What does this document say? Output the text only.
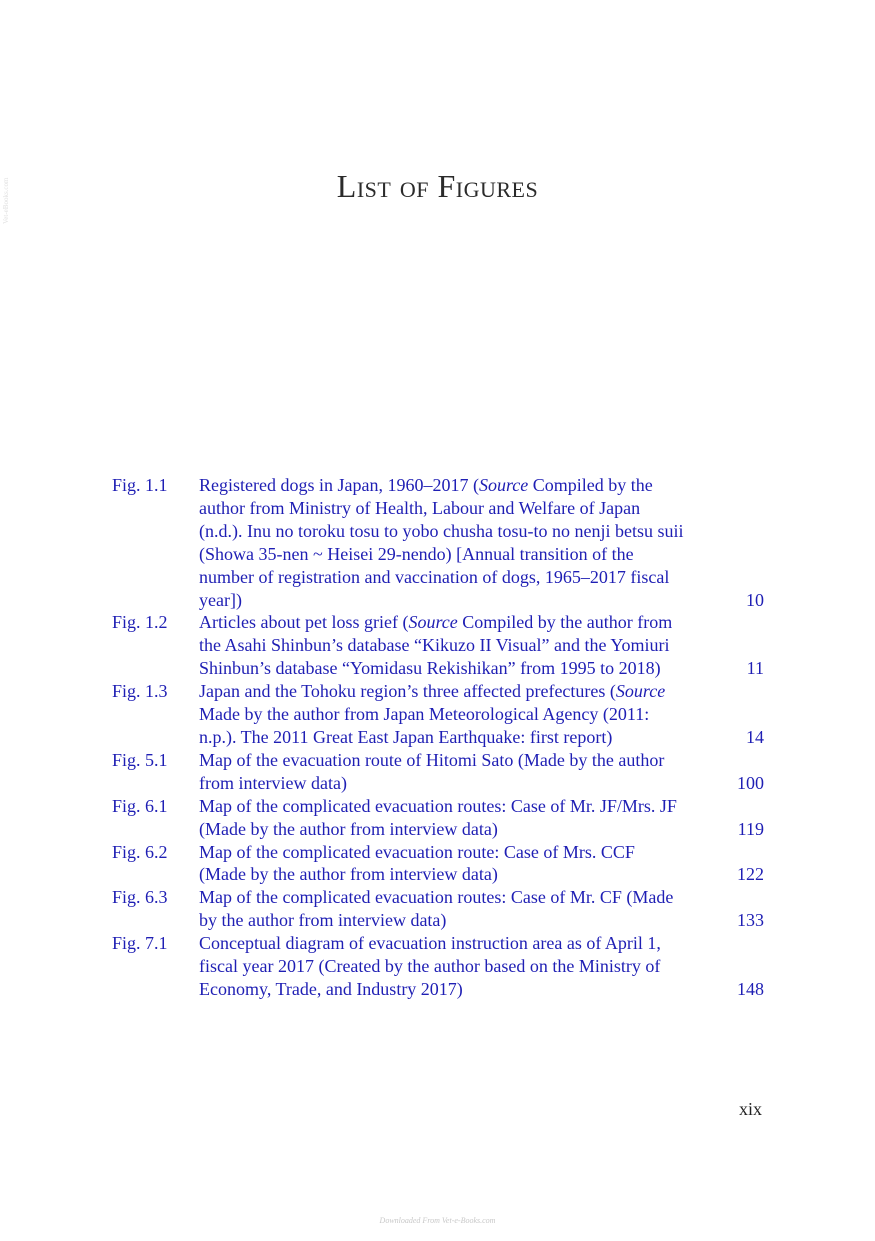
Vet-eBooks.com	List of Figures
Fig. 1.1	Registered dogs in Japan, 1960–2017 (Source Compiled by the author from Ministry of Health, Labour and Welfare of Japan (n.d.). Inu no toroku tosu to yobo chusha tosu-to no nenji betsu suii (Showa 35-nen ~ Heisei 29-nendo) [Annual transition of the number of registration and vaccination of dogs, 1965–2017 fiscal year])	10
Fig. 1.2	Articles about pet loss grief (Source Compiled by the author from the Asahi Shinbun’s database “Kikuzo II Visual” and the Yomiuri Shinbun’s database “Yomidasu Rekishikan” from 1995 to 2018)	11
Fig. 1.3	Japan and the Tohoku region’s three affected prefectures (Source Made by the author from Japan Meteorological Agency (2011: n.p.). The 2011 Great East Japan Earthquake: first report)	14
Fig. 5.1	Map of the evacuation route of Hitomi Sato (Made by the author from interview data)	100
Fig. 6.1	Map of the complicated evacuation routes: Case of Mr. JF/Mrs. JF (Made by the author from interview data)	119
Fig. 6.2	Map of the complicated evacuation route: Case of Mrs. CCF (Made by the author from interview data)	122
Fig. 6.3	Map of the complicated evacuation routes: Case of Mr. CF (Made by the author from interview data)	133
Fig. 7.1	Conceptual diagram of evacuation instruction area as of April 1, fiscal year 2017 (Created by the author based on the Ministry of Economy, Trade, and Industry 2017)	148
xix
Downloaded From Vet-e-Books.com
